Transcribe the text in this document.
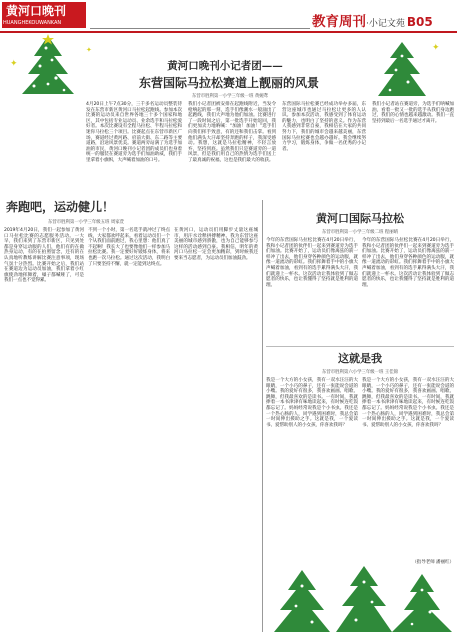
黄河口晚刊
HUANGHEKOUWANKAN	教育周刊·小记文苑 B05
✦
✦
黄河口晚刊小记者团——
东营国际马拉松赛道上靓丽的风景
东营市胜利第一小学三年级一班 黄婉鸢
✦
4月20日上午7点30分，三千多名运动员整装待发在东营市新区黄河口马拉松起跑线。参加本次比赛的运动员来自世界各地三十多个国家和地区，其中包括专业运动员、业余选手和马拉松爱好者。本次比赛设有全程马拉松、半程马拉松和迷你马拉松三个项目。比赛起点在东营市新区广场，赛道经过黄河路、府前大街、东二路等主要道路，沿途风景优美。赛道两旁站满了为选手加油的市民，黄河口晚刊小记者团的成员们也身着统一的服装在赛道旁为选手们加油助威，我们手里拿着小旗帜，大声喊着加油的口号。
我们小记者团被安排在起跑线附近，当发令枪响起的那一刻，选手们像潮水一般涌出了起跑线，我们大声地为他们加油。比赛进行了一段时间之后，第一批选手开始返回，我们更加卖力地呐喊：“加油！加油！”选手们向我们挥手致意，有的还和我们击掌。看到他们满头大汗却坚持奔跑的样子，我深受感动。我想，这就是马拉松精神，不轻言放弃，坚持到底。虽然我们只是赛道旁的一道风景，但是我们用自己的热情为选手们送上了最真诚的祝福，这也是我们最大的收获。
东营国际马拉松赛已经成功举办多届，东营这座城市也通过马拉松让更多的人认识。参加本次活动，我感受到了体育运动的魅力，也明白了坚持的意义。作为东营人我感到非常自豪，我相信在大家的共同努力下，我们的城市会越来越美丽，东营国际马拉松赛也会越办越好。我会继续努力学习，锻炼身体，争做一名优秀的小记者。
我们小记者站在赛道旁，为选手们呐喊加油，看着一批又一批的选手从我们身边跑过，我们的心情也越来越激动。我们一直坚持到最后一名选手通过才离开。
奔跑吧，运动健儿！
东营市胜利第一小学三年级五班 周家萱
2019年4月20日，我们一起参加了黄河口马拉松比赛的志愿服务活动。一大早，我们来到了东营市新区，只见到处都是身穿运动服的人们，他们有的在做热身运动，有的在拍照留念，还有的在认真地听教练讲解比赛注意事项，现场气氛十分热烈。比赛开始之后，我们站在赛道边为运动员加油，我们拿着小红旗使劲地挥舞着，嗓子都喊哑了，可是我们一点也不觉得累。
不到一个小时，第一名选手就冲过了终点线，大家都欢呼起来。看着运动员们一个个从我们面前跑过，我心里想：他们真了不起啊！我长大了也要像他们一样参加马拉松比赛。我一定要好好锻炼身体，将来也跑一次马拉松。通过这次活动，我明白了只要坚持不懈，就一定能到达终点。
在黄河口，运动员们用脚步丈量这座城市，用汗水诠释拼搏精神。我为东营这座美丽的城市感到骄傲，也为自己能够参与这样的活动感到自豪。我相信，明年的黄河口马拉松一定会更加精彩，到时候我还要来当志愿者，为运动员们加油鼓劲。
黄河口国际马拉松
东营市胜利第一小学三年级二班 程丽晴
今年的东营国际马拉松比赛在4月20日举行，我和小记者团的伙伴们一起来到赛道旁为选手们加油。比赛开始了，运动员们像离弦的箭一样冲了出去，他们身穿各种颜色的运动服，就像一道流动的彩虹。我们挥舞着手中的小旗大声喊着加油，看到有的选手累得满头大汗，我们就递上一杯水。这次活动让我体验到了做志愿者的快乐，也让我懂得了坚持就是胜利的道理。
今年的东营国际马拉松比赛在4月20日举行，我和小记者团的伙伴们一起来到赛道旁为选手们加油。比赛开始了，运动员们像离弦的箭一样冲了出去，他们身穿各种颜色的运动服，就像一道流动的彩虹。我们挥舞着手中的小旗大声喊着加油，看到有的选手累得满头大汗，我们就递上一杯水。这次活动让我体验到了做志愿者的快乐，也让我懂得了坚持就是胜利的道理。
这就是我
东营市胜利第六小学三年级一班 王佳锦
我是一个大方的小女孩，我有一双水汪汪的大眼睛，一个小巧的鼻子，还有一张能说会道的小嘴。我的爱好有很多，我喜欢画画、唱歌、跳舞，但我最喜欢的是读书。一有时间，我就捧着一本书津津有味地读起来，有时候连吃饭都忘记了。妈妈经常说我是个小书虫。我还是一个热心肠的人，同学遇到困难时，我总会第一时间伸出援助之手。这就是我，一个爱读书、爱帮助别人的小女孩，你喜欢我吗？
我是一个大方的小女孩，我有一双水汪汪的大眼睛，一个小巧的鼻子，还有一张能说会道的小嘴。我的爱好有很多，我喜欢画画、唱歌、跳舞，但我最喜欢的是读书。一有时间，我就捧着一本书津津有味地读起来，有时候连吃饭都忘记了。妈妈经常说我是个小书虫。我还是一个热心肠的人，同学遇到困难时，我总会第一时间伸出援助之手。这就是我，一个爱读书、爱帮助别人的小女孩，你喜欢我吗？
（指导老师 潘丽红）
